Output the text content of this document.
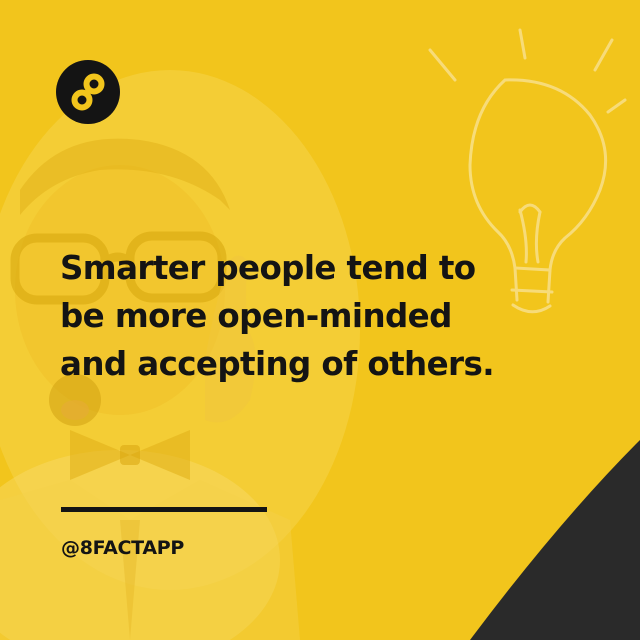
Smarter people tend to
be more open-minded
and accepting of others.
@8FACTAPP
